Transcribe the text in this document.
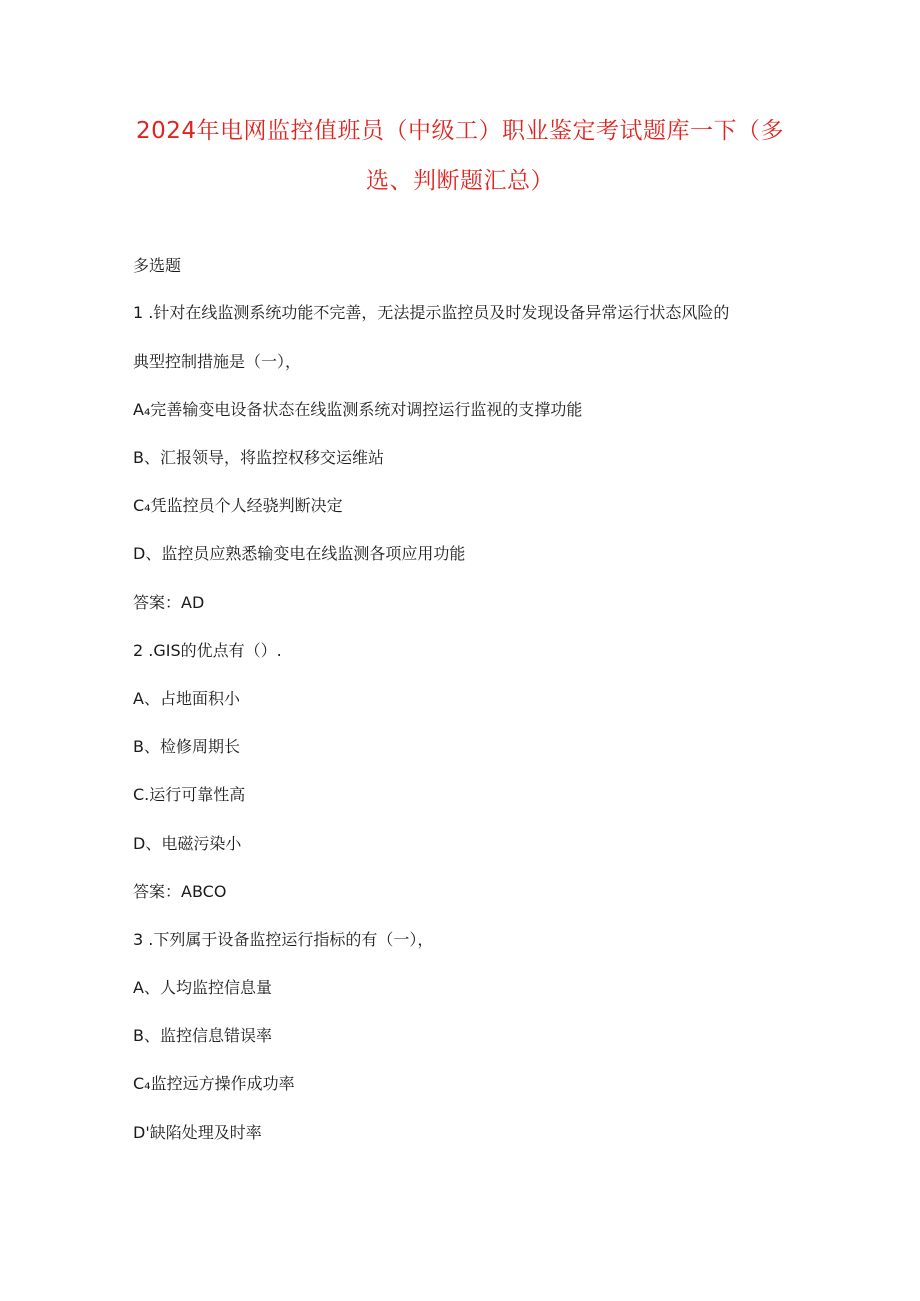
2024年电网监控值班员（中级工）职业鉴定考试题库一下（多
选、判断题汇总）
多选题
1 .针对在线监测系统功能不完善，无法提示监控员及时发现设备异常运行状态风险的
典型控制措施是（一），
A₄完善输变电设备状态在线监测系统对调控运行监视的支撑功能
B、汇报领导，将监控权移交运维站
C₄凭监控员个人经骁判断决定
D、监控员应熟悉输变电在线监测各项应用功能
答案：AD
2 .GIS的优点有（）.
A、占地面积小
B、检修周期长
C.运行可靠性高
D、电磁污染小
答案：ABCO
3 .下列属于设备监控运行指标的有（一），
A、人均监控信息量
B、监控信息错误率
C₄监控远方操作成功率
D'缺陷处理及时率
